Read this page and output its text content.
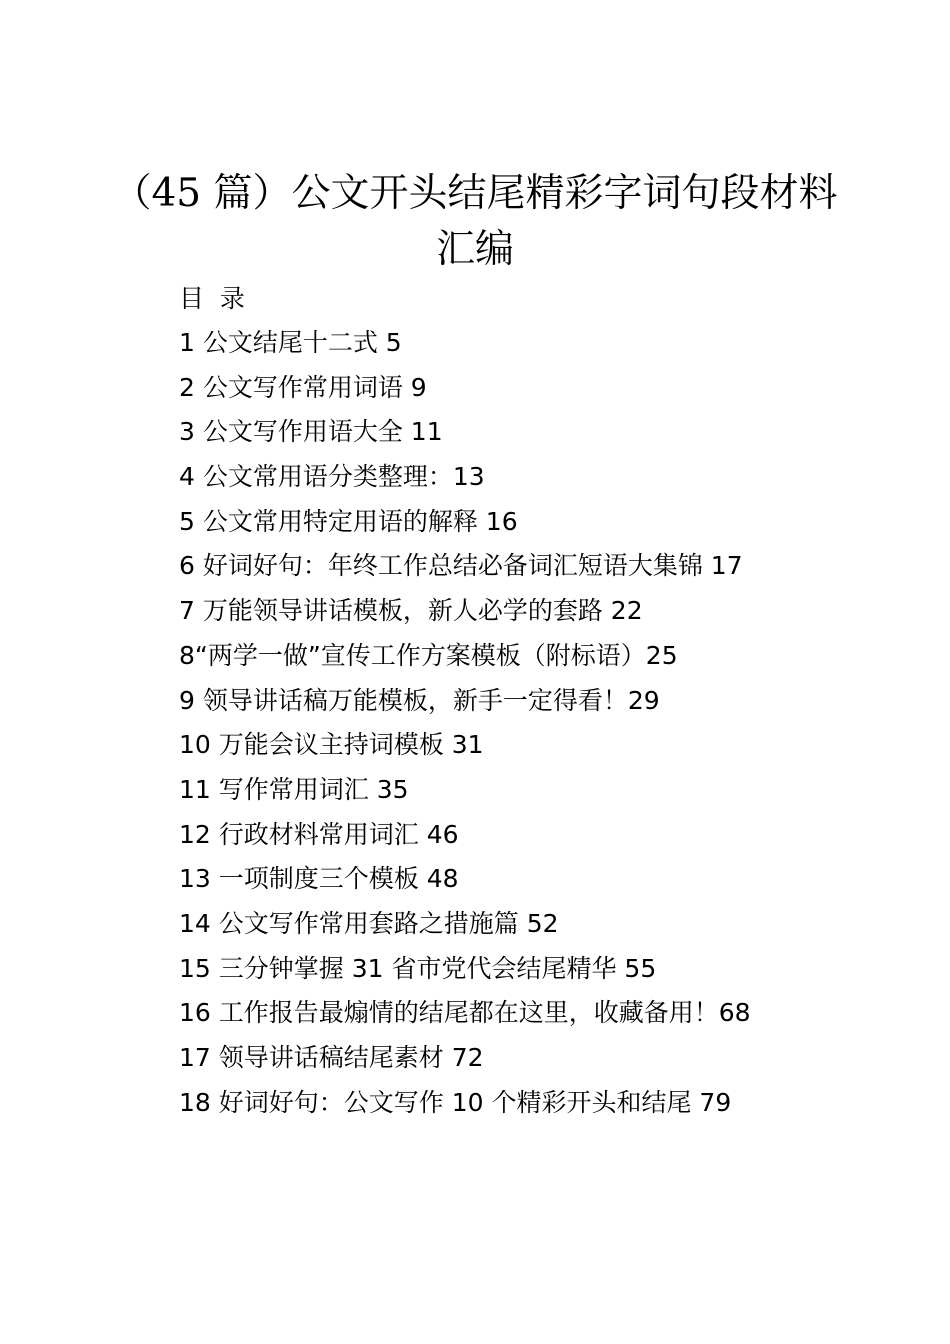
（45 篇）公文开头结尾精彩字词句段材料汇编
目  录
1 公文结尾十二式 5
2 公文写作常用词语 9
3 公文写作用语大全 11
4 公文常用语分类整理：13
5 公文常用特定用语的解释 16
6 好词好句：年终工作总结必备词汇短语大集锦 17
7 万能领导讲话模板，新人必学的套路 22
8“两学一做”宣传工作方案模板（附标语）25
9 领导讲话稿万能模板，新手一定得看！29
10 万能会议主持词模板 31
11 写作常用词汇 35
12 行政材料常用词汇 46
13 一项制度三个模板 48
14 公文写作常用套路之措施篇 52
15 三分钟掌握 31 省市党代会结尾精华 55
16 工作报告最煽情的结尾都在这里，收藏备用！68
17 领导讲话稿结尾素材 72
18 好词好句：公文写作 10 个精彩开头和结尾 79
